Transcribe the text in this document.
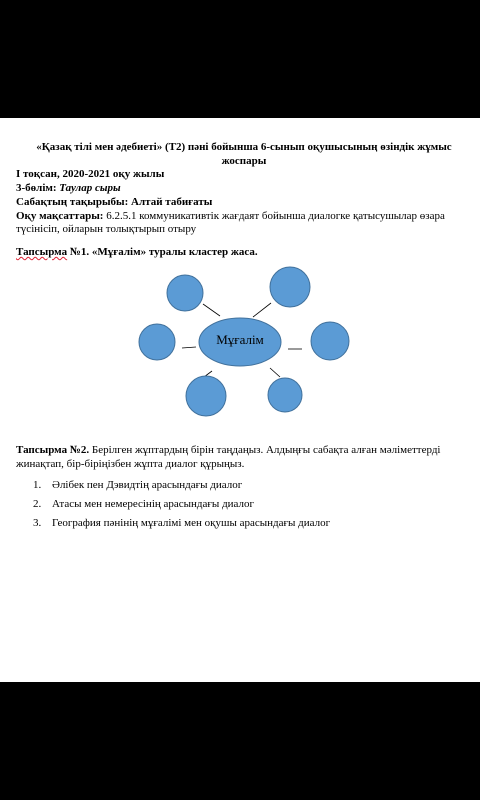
«Қазақ тілі мен әдебиеті» (Т2) пәні бойынша 6-сынып оқушысының өзіндік жұмыс жоспары
І тоқсан, 2020-2021 оқу жылы
3-бөлім: Таулар сыры
Сабақтың тақырыбы: Алтай табиғаты
Оқу мақсаттары: 6.2.5.1 коммуникативтік жағдаят бойынша диалогке қатысушылар өзара түсінісіп, ойларын толықтырып отыру
Тапсырма №1. «Мұғалім» туралы кластер жаса.
Мұғалім
Тапсырма №2. Берілген жұптардың бірін таңдаңыз. Алдыңғы сабақта алған мәліметтерді жинақтап, бір-біріңізбен жұпта диалог құрыңыз.
1. Әлібек пен Дэвидтің арасындағы диалог
2. Атасы мен немересінің арасындағы диалог
3. География пәнінің мұғалімі мен оқушы арасындағы диалог
